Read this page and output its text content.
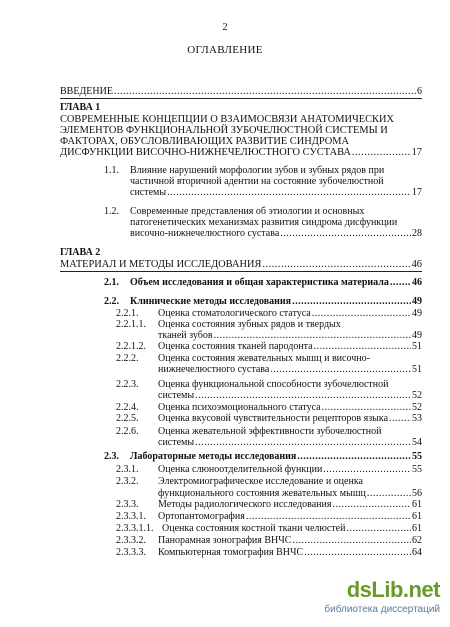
2
ОГЛАВЛЕНИЕ
ВВЕДЕНИЕ .....	6
ГЛАВА 1
СОВРЕМЕННЫЕ КОНЦЕПЦИИ О ВЗАИМОСВЯЗИ АНАТОМИЧЕСКИХ
ЭЛЕМЕНТОВ ФУНКЦИОНАЛЬНОЙ ЗУБОЧЕЛЮСТНОЙ СИСТЕМЫ И
ФАКТОРАХ, ОБУСЛОВЛИВАЮЩИХ РАЗВИТИЕ СИНДРОМА
ДИСФУНКЦИИ ВИСОЧНО-НИЖНЕЧЕЛЮСТНОГО СУСТАВА .....	17
1.1. Влияние нарушений морфологии зубов и зубных рядов при
частичной вторичной адентии на состояние зубочелюстной
системы .....	17
1.2. Современные представления об этиологии и основных
патогенетических механизмах развития синдрома дисфункции
височно-нижнечелюстного сустава .....	28
ГЛАВА 2
МАТЕРИАЛ И МЕТОДЫ ИССЛЕДОВАНИЯ .....	46
2.1. Объем исследования и общая характеристика материала ..... 46
2.2. Клинические методы исследования .....	49
2.2.1. Оценка стоматологического статуса .....	49
2.2.1.1. Оценка состояния зубных рядов и твердых
тканей зубов .....	49
2.2.1.2. Оценка состояния тканей пародонта .....	51
2.2.2. Оценка состояния жевательных мышц и височно-
нижнечелюстного сустава .....	51
2.2.3. Оценка функциональной способности зубочелюстной
системы .....	52
2.2.4. Оценка психоэмоционального статуса .....	52
2.2.5. Оценка вкусовой чувствительности рецепторов языка ..... 53
2.2.6. Оценка жевательной эффективности зубочелюстной
системы .....	54
2.3. Лабораторные методы исследования .....	55
2.3.1. Оценка слюноотделительной функции .....	55
2.3.2. Электромиографическое исследование и оценка
функционального состояния жевательных мышц .....	56
2.3.3. Методы радиологического исследования .....	61
2.3.3.1. Ортопантомография .....	61
2.3.3.1.1. Оценка состояния костной ткани челюстей .....	61
2.3.3.2. Панорамная зонография ВНЧС .....	62
2.3.3.3. Компьютерная томография ВНЧС .....	64
dsLib.net
библиотека диссертаций
